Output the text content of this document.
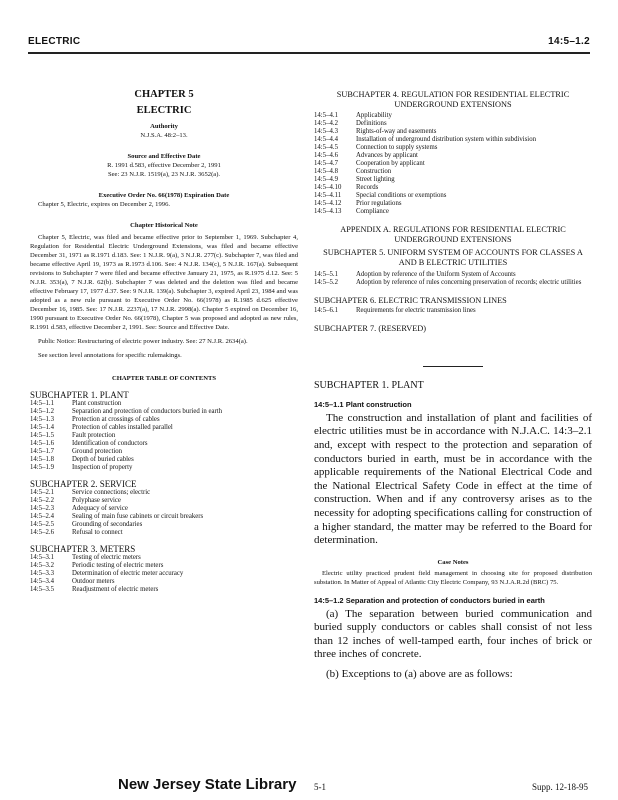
ELECTRIC	14:5–1.2
CHAPTER 5
ELECTRIC
Authority
N.J.S.A. 48:2–13.
Source and Effective Date
R. 1991 d.583, effective December 2, 1991
See: 23 N.J.R. 1519(a), 23 N.J.R. 3652(a).
Executive Order No. 66(1978) Expiration Date
Chapter 5, Electric, expires on December 2, 1996.
Chapter Historical Note

Chapter 5, Electric, was filed and became effective prior to September 1, 1969. Subchapter 4, Regulation for Residential Electric Underground Extensions, was filed and became effective December 31, 1971 as R.1971 d.183. See: 1 N.J.R. 9(a), 3 N.J.R. 277(c). Subchapter 7, was filed and became effective April 19, 1973 as R.1973 d.106. See: 4 N.J.R. 134(c), 5 N.J.R. 167(a). Subsequent revisions to Subchapter 7 were filed and became effective January 21, 1975, as R.1975 d.12. See: 5 N.J.R. 353(a), 7 N.J.R. 62(b). Subchapter 7 was deleted and the deletion was filed and became effective February 17, 1977 d.37. See: 9 N.J.R. 139(a). Subchapter 3, expired April 23, 1984 and was adopted as a new rule pursuant to Executive Order No. 66(1978) as R.1985 d.625 effective December 16, 1985. See: 17 N.J.R. 2237(a), 17 N.J.R. 2998(a). Chapter 5 expired on December 16, 1990 pursuant to Executive Order No. 66(1978), Chapter 5 was proposed and adopted as new rules, R.1991 d.583, effective December 2, 1991. See: Source and Effective Date.

Public Notice: Restructuring of electric power industry. See: 27 N.J.R. 2634(a).

See section level annotations for specific rulemakings.

CHAPTER TABLE OF CONTENTS
SUBCHAPTER 1. PLANT
14:5–1.1	Plant construction
14:5–1.2	Separation and protection of conductors buried in earth
14:5–1.3	Protection at crossings of cables
14:5–1.4	Protection of cables installed parallel
14:5–1.5	Fault protection
14:5–1.6	Identification of conductors
14:5–1.7	Ground protection
14:5–1.8	Depth of buried cables
14:5–1.9	Inspection of property
SUBCHAPTER 2. SERVICE
14:5–2.1	Service connections; electric
14:5–2.2	Polyphase service
14:5–2.3	Adequacy of service
14:5–2.4	Sealing of main fuse cabinets or circuit breakers
14:5–2.5	Grounding of secondaries
14:5–2.6	Refusal to connect
SUBCHAPTER 3. METERS
14:5–3.1	Testing of electric meters
14:5–3.2	Periodic testing of electric meters
14:5–3.3	Determination of electric meter accuracy
14:5–3.4	Outdoor meters
14:5–3.5	Readjustment of electric meters
SUBCHAPTER 4. REGULATION FOR RESIDENTIAL ELECTRIC UNDERGROUND EXTENSIONS
14:5–4.1	Applicability
14:5–4.2	Definitions
14:5–4.3	Rights-of-way and easements
14:5–4.4	Installation of underground distribution system within subdivision
14:5–4.5	Connection to supply systems
14:5–4.6	Advances by applicant
14:5–4.7	Cooperation by applicant
14:5–4.8	Construction
14:5–4.9	Street lighting
14:5–4.10	Records
14:5–4.11	Special conditions or exemptions
14:5–4.12	Prior regulations
14:5–4.13	Compliance
APPENDIX A. REGULATIONS FOR RESIDENTIAL ELECTRIC UNDERGROUND EXTENSIONS
SUBCHAPTER 5. UNIFORM SYSTEM OF ACCOUNTS FOR CLASSES A AND B ELECTRIC UTILITIES
14:5–5.1	Adoption by reference of the Uniform System of Accounts
14:5–5.2	Adoption by reference of rules concerning preservation of records; electric utilities
SUBCHAPTER 6. ELECTRIC TRANSMISSION LINES
14:5–6.1	Requirements for electric transmission lines
SUBCHAPTER 7. (RESERVED)
SUBCHAPTER 1. PLANT
14:5–1.1 Plant construction

The construction and installation of plant and facilities of electric utilities must be in accordance with N.J.A.C. 14:3–2.1 and, except with respect to the protection and separation of conductors buried in earth, must be in accordance with the applicable requirements of the National Electrical Code and the National Electrical Safety Code in effect at the time of construction. When and if any controversy arises as to the necessity for adopting specifications calling for construction of a higher standard, the matter may be referred to the Board for determination.

Case Notes

Electric utility practiced prudent field management in choosing site for proposed distribution substation. In Matter of Appeal of Atlantic City Electric Company, 93 N.J.A.R.2d (BRC) 75.

14:5–1.2 Separation and protection of conductors buried in earth

(a) The separation between buried communication and buried supply conductors or cables shall consist of not less than 12 inches of well-tamped earth, four inches of brick or three inches of concrete.

(b) Exceptions to (a) above are as follows:

New Jersey State Library 5-1	Supp. 12-18-95
